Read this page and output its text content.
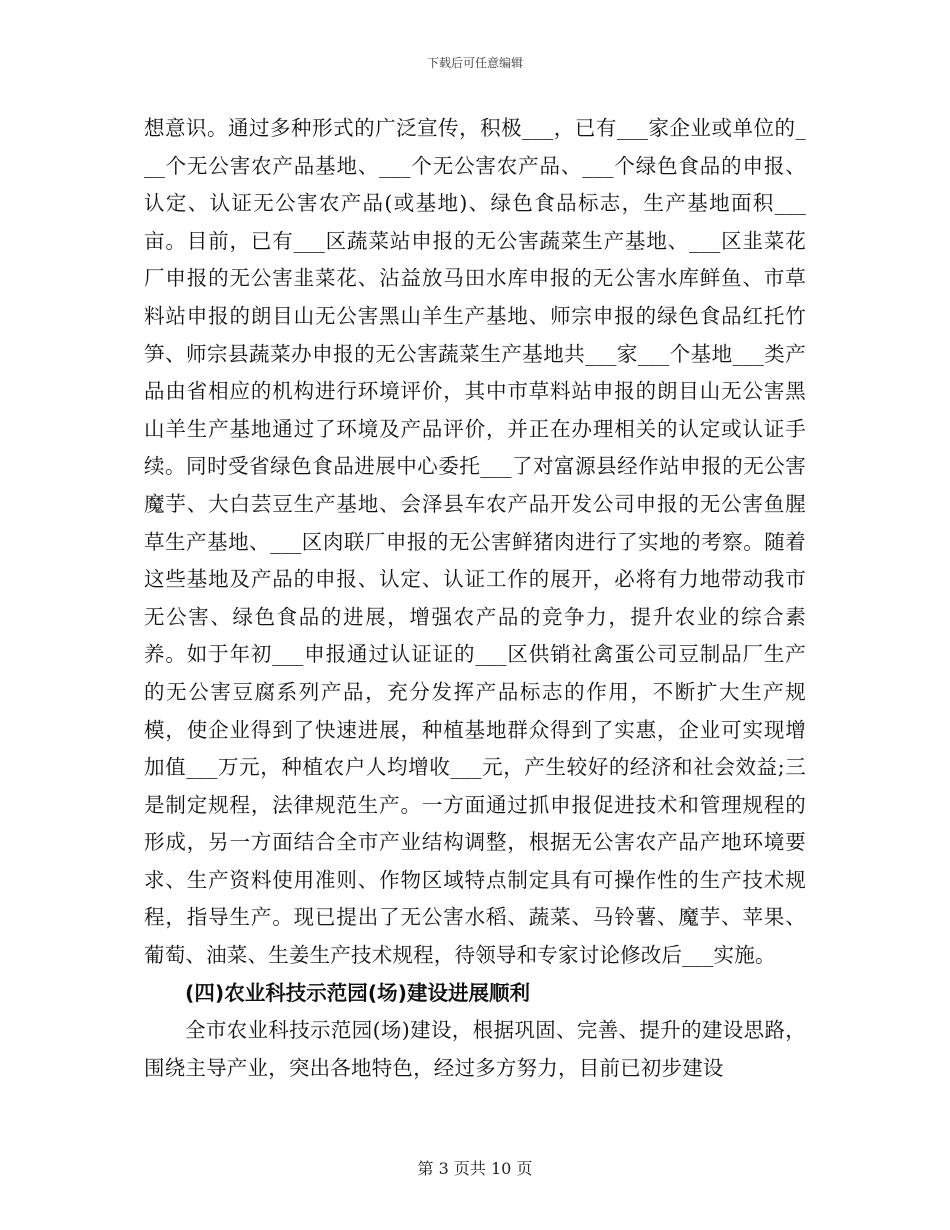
下载后可任意编辑

想意识。通过多种形式的广泛宣传，积极___，已有___家企业或单位的___个无公害农产品基地、___个无公害农产品、___个绿色食品的申报、认定、认证无公害农产品(或基地)、绿色食品标志，生产基地面积___亩。目前，已有___区蔬菜站申报的无公害蔬菜生产基地、___区韭菜花厂申报的无公害韭菜花、沾益放马田水库申报的无公害水库鲜鱼、市草料站申报的朗目山无公害黑山羊生产基地、师宗申报的绿色食品红托竹笋、师宗县蔬菜办申报的无公害蔬菜生产基地共___家___个基地___类产品由省相应的机构进行环境评价，其中市草料站申报的朗目山无公害黑山羊生产基地通过了环境及产品评价，并正在办理相关的认定或认证手续。同时受省绿色食品进展中心委托___了对富源县经作站申报的无公害魔芋、大白芸豆生产基地、会泽县车农产品开发公司申报的无公害鱼腥草生产基地、___区肉联厂申报的无公害鲜猪肉进行了实地的考察。随着这些基地及产品的申报、认定、认证工作的展开，必将有力地带动我市无公害、绿色食品的进展，增强农产品的竞争力，提升农业的综合素养。如于年初___申报通过认证证的___区供销社禽蛋公司豆制品厂生产的无公害豆腐系列产品，充分发挥产品标志的作用，不断扩大生产规模，使企业得到了快速进展，种植基地群众得到了实惠，企业可实现增加值___万元，种植农户人均增收___元，产生较好的经济和社会效益;三是制定规程，法律规范生产。一方面通过抓申报促进技术和管理规程的形成，另一方面结合全市产业结构调整，根据无公害农产品产地环境要求、生产资料使用准则、作物区域特点制定具有可操作性的生产技术规程，指导生产。现已提出了无公害水稻、蔬菜、马铃薯、魔芋、苹果、葡萄、油菜、生姜生产技术规程，待领导和专家讨论修改后___实施。

(四)农业科技示范园(场)建设进展顺利

全市农业科技示范园(场)建设，根据巩固、完善、提升的建设思路，围绕主导产业，突出各地特色，经过多方努力，目前已初步建设

第 3 页共 10 页
